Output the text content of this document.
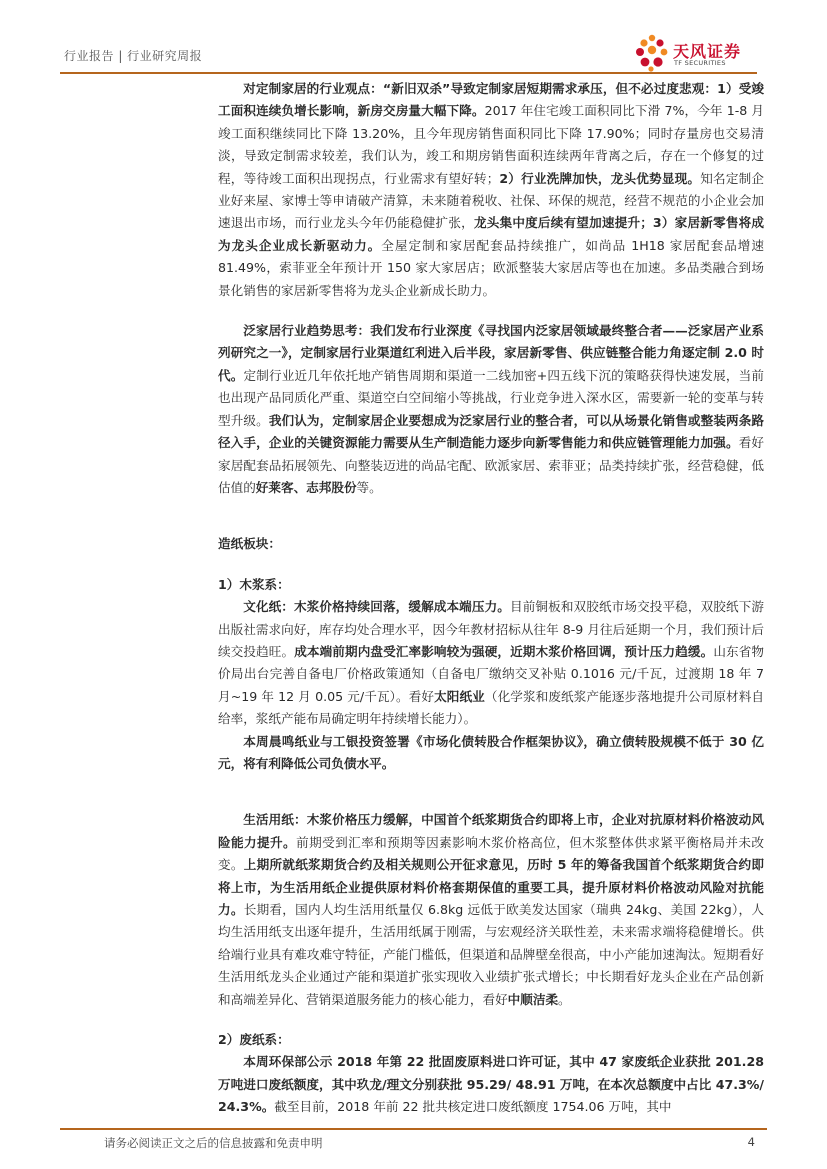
行业报告 | 行业研究周报	天风证券
TF SECURITIES

对定制家居的行业观点：“新旧双杀”导致定制家居短期需求承压，但不必过度悲观：1）受竣工面积连续负增长影响，新房交房量大幅下降。2017 年住宅竣工面积同比下滑 7%，今年 1-8 月竣工面积继续同比下降 13.20%，且今年现房销售面积同比下降 17.90%；同时存量房也交易清淡，导致定制需求较差，我们认为，竣工和期房销售面积连续两年背离之后，存在一个修复的过程，等待竣工面积出现拐点，行业需求有望好转；2）行业洗牌加快，龙头优势显现。知名定制企业好来屋、家博士等申请破产清算，未来随着税收、社保、环保的规范，经营不规范的小企业会加速退出市场，而行业龙头今年仍能稳健扩张，龙头集中度后续有望加速提升；3）家居新零售将成为龙头企业成长新驱动力。全屋定制和家居配套品持续推广，如尚品 1H18 家居配套品增速 81.49%，索菲亚全年预计开 150 家大家居店；欧派整装大家居店等也在加速。多品类融合到场景化销售的家居新零售将为龙头企业新成长助力。

泛家居行业趋势思考：我们发布行业深度《寻找国内泛家居领域最终整合者——泛家居产业系列研究之一》，定制家居行业渠道红利进入后半段，家居新零售、供应链整合能力角逐定制 2.0 时代。定制行业近几年依托地产销售周期和渠道一二线加密+四五线下沉的策略获得快速发展，当前也出现产品同质化严重、渠道空白空间缩小等挑战，行业竞争进入深水区，需要新一轮的变革与转型升级。我们认为，定制家居企业要想成为泛家居行业的整合者，可以从场景化销售或整装两条路径入手，企业的关键资源能力需要从生产制造能力逐步向新零售能力和供应链管理能力加强。看好家居配套品拓展领先、向整装迈进的尚品宅配、欧派家居、索菲亚；品类持续扩张，经营稳健，低估值的好莱客、志邦股份等。

造纸板块：

1）木浆系：

文化纸：木浆价格持续回落，缓解成本端压力。目前铜板和双胶纸市场交投平稳，双胶纸下游出版社需求向好，库存均处合理水平，因今年教材招标从往年 8-9 月往后延期一个月，我们预计后续交投趋旺。成本端前期内盘受汇率影响较为强硬，近期木浆价格回调，预计压力趋缓。山东省物价局出台完善自备电厂价格政策通知（自备电厂缴纳交叉补贴 0.1016 元/千瓦，过渡期 18 年 7 月~19 年 12 月 0.05 元/千瓦）。看好太阳纸业（化学浆和废纸浆产能逐步落地提升公司原材料自给率，浆纸产能布局确定明年持续增长能力）。

本周晨鸣纸业与工银投资签署《市场化债转股合作框架协议》，确立债转股规模不低于 30 亿元，将有利降低公司负债水平。

生活用纸：木浆价格压力缓解，中国首个纸浆期货合约即将上市，企业对抗原材料价格波动风险能力提升。前期受到汇率和预期等因素影响木浆价格高位，但木浆整体供求紧平衡格局并未改变。上期所就纸浆期货合约及相关规则公开征求意见，历时 5 年的筹备我国首个纸浆期货合约即将上市，为生活用纸企业提供原材料价格套期保值的重要工具，提升原材料价格波动风险对抗能力。长期看，国内人均生活用纸量仅 6.8kg 远低于欧美发达国家（瑞典 24kg、美国 22kg），人均生活用纸支出逐年提升，生活用纸属于刚需，与宏观经济关联性差，未来需求端将稳健增长。供给端行业具有难攻难守特征，产能门槛低，但渠道和品牌壁垒很高，中小产能加速淘汰。短期看好生活用纸龙头企业通过产能和渠道扩张实现收入业绩扩张式增长；中长期看好龙头企业在产品创新和高端差异化、营销渠道服务能力的核心能力，看好中顺洁柔。

2）废纸系：

本周环保部公示 2018 年第 22 批固废原料进口许可证，其中 47 家废纸企业获批 201.28 万吨进口废纸额度，其中玖龙/理文分别获批 95.29/ 48.91 万吨，在本次总额度中占比 47.3%/ 24.3%。截至目前，2018 年前 22 批共核定进口废纸额度 1754.06 万吨，其中

请务必阅读正文之后的信息披露和免责申明	4
